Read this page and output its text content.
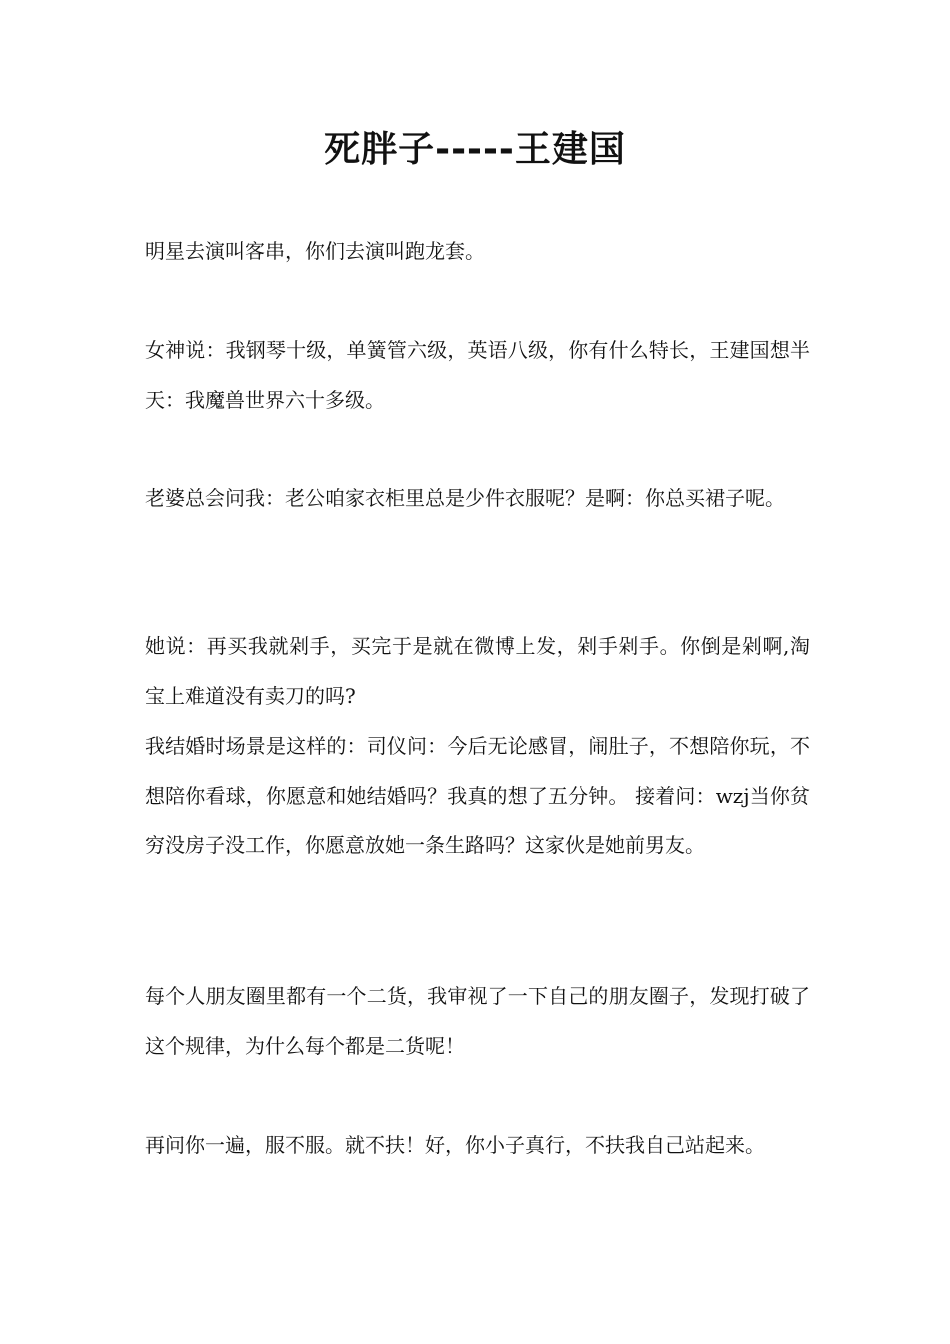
死胖子-----王建国

明星去演叫客串，你们去演叫跑龙套。

女神说：我钢琴十级，单簧管六级，英语八级，你有什么特长，王建国想半天：我魔兽世界六十多级。

老婆总会问我：老公咱家衣柜里总是少件衣服呢？是啊：你总买裙子呢。

她说：再买我就剁手，买完于是就在微博上发，剁手剁手。你倒是剁啊,淘宝上难道没有卖刀的吗?

我结婚时场景是这样的：司仪问：今后无论感冒，闹肚子，不想陪你玩，不想陪你看球，你愿意和她结婚吗？我真的想了五分钟。 接着问：wzj当你贫穷没房子没工作，你愿意放她一条生路吗？这家伙是她前男友。

每个人朋友圈里都有一个二货，我审视了一下自己的朋友圈子，发现打破了这个规律，为什么每个都是二货呢！

再问你一遍，服不服。就不扶！好，你小子真行，不扶我自己站起来。
